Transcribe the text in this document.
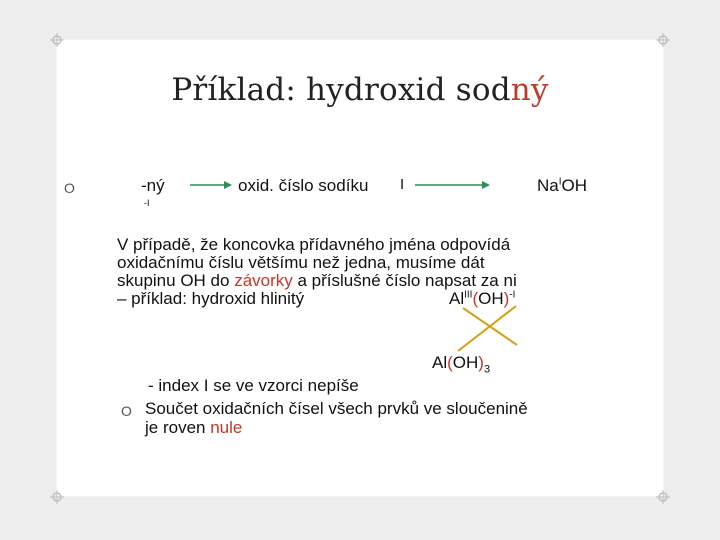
Příklad: hydroxid sodný
O	-ný
-I
oxid. číslo sodíku I	$Na^IOH$
V případě, že koncovka přídavného jména odpovídá
oxidačnímu číslu většímu než jedna, musíme dát
skupinu OH do závorky a příslušné číslo napsat za ni
– příklad: hydroxid hlinitý	$Al^{III}(OH)^{-I}$
$Al(OH)_3$
- index I se ve vzorci nepíše
O Součet oxidačních čísel všech prvků ve sloučenině
je roven nule
